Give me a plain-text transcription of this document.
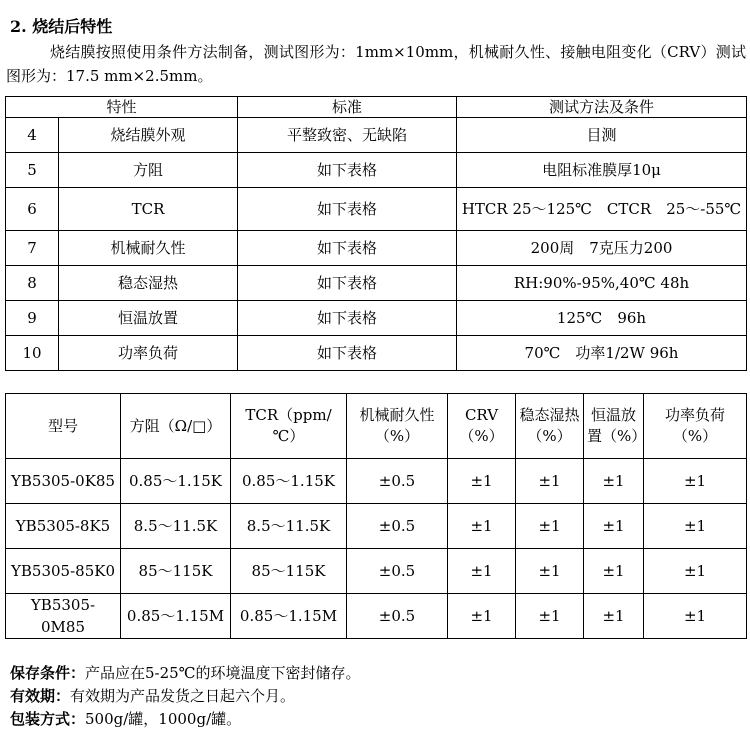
2. 烧结后特性
烧结膜按照使用条件方法制备，测试图形为：1mm×10mm，机械耐久性、接触电阻变化（CRV）测试图形为：17.5 mm×2.5mm。
特性		标准	测试方法及条件
4	烧结膜外观	平整致密、无缺陷	目测
5	方阻	如下表格	电阻标准膜厚10μ
6	TCR	如下表格	HTCR 25～125℃　CTCR　25～-55℃
7	机械耐久性	如下表格	200周　7克压力200
8	稳态湿热	如下表格	RH:90%-95%,40℃ 48h
9	恒温放置	如下表格	125℃　96h
10	功率负荷	如下表格	70℃　功率1/2W 96h
型号	方阻（Ω/□）	TCR（ppm/℃）	机械耐久性（%）	CRV（%）	稳态湿热（%）	恒温放置（%）	功率负荷（%）
YB5305-0K85	0.85～1.15K	0.85～1.15K	±0.5	±1	±1	±1	±1
YB5305-8K5	8.5～11.5K	8.5～11.5K	±0.5	±1	±1	±1	±1
YB5305-85K0	85～115K	85～115K	±0.5	±1	±1	±1	±1
YB5305-0M85	0.85～1.15M	0.85～1.15M	±0.5	±1	±1	±1	±1
保存条件：产品应在5-25℃的环境温度下密封储存。
有效期：有效期为产品发货之日起六个月。
包装方式：500g/罐，1000g/罐。
